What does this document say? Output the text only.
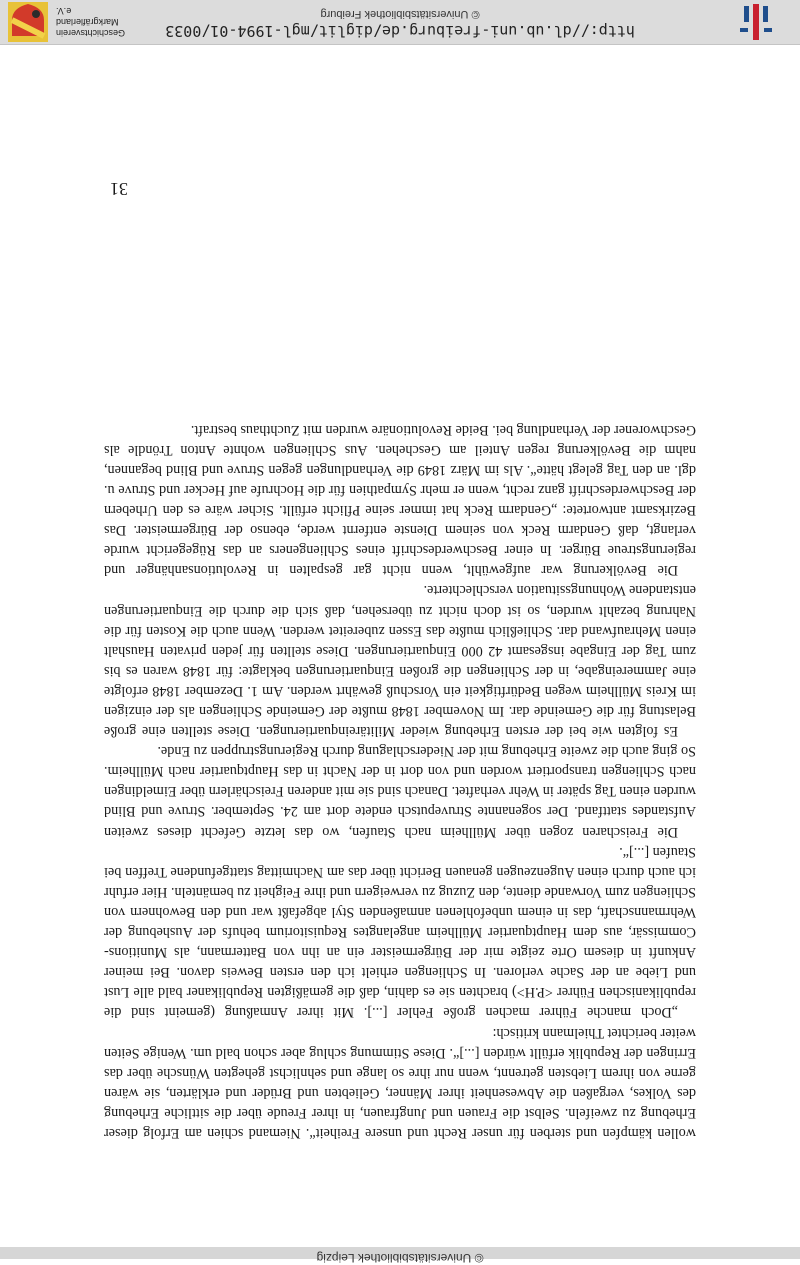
© Universitätsbibliothek Leipzig

wollen kämpfen und sterben für unser Recht und unsere Freiheit“. Niemand schien am Erfolg dieser Erhebung zu zweifeln. Selbst die Frauen und Jungfrauen, in ihrer Freude über die sittliche Erhebung des Volkes, vergaßen die Abwesenheit ihrer Männer, Geliebten und Brüder und erklärten, sie wären gerne von ihrem Liebsten getrennt, wenn nur ihre so lange und sehnlichst gehegten Wünsche über das Erringen der Republik erfüllt würden [...]“. Diese Stimmung schlug aber schon bald um. Wenige Seiten weiter berichtet Thielmann kritisch:

„Doch manche Führer machen große Fehler [...]. Mit ihrer Anmaßung (gemeint sind die republikanischen Führer <P.H>) brachten sie es dahin, daß die gemäßigten Republikaner bald alle Lust und Liebe an der Sache verloren. In Schliengen erhielt ich den ersten Beweis davon. Bei meiner Ankunft in diesem Orte zeigte mir der Bürgermeister ein an ihn von Battermann, als Munitions-Commissär, aus dem Hauptquartier Müllheim angelangtes Requisitorium behufs der Aushebung der Wehrmannschaft, das in einem unbefohlenen anmaßenden Styl abgefaßt war und den Bewohnern von Schliengen zum Vorwande diente, den Zuzug zu verweigern und ihre Feigheit zu bemänteln. Hier erfuhr ich auch durch einen Augenzeugen genauen Bericht über das am Nachmittag stattgefundene Treffen bei Staufen [...]“.

Die Freischaren zogen über Müllheim nach Staufen, wo das letzte Gefecht dieses zweiten Aufstandes stattfand. Der sogenannte Struveputsch endete dort am 24. September. Struve und Blind wurden einen Tag später in Wehr verhaftet. Danach sind sie mit anderen Freischärlern über Eimeldingen nach Schliengen transportiert worden und von dort in der Nacht in das Hauptquartier nach Müllheim. So ging auch die zweite Erhebung mit der Niederschlagung durch Regierungstruppen zu Ende.

Es folgten wie bei der ersten Erhebung wieder Militäreinquartierungen. Diese stellten eine große Belastung für die Gemeinde dar. Im November 1848 mußte der Gemeinde Schliengen als der einzigen im Kreis Müllheim wegen Bedürftigkeit ein Vorschuß gewährt werden. Am 1. Dezember 1848 erfolgte eine Jammereingabe, in der Schliengen die großen Einquartierungen beklagte: für 1848 waren es bis zum Tag der Eingabe insgesamt 42 000 Einquartierungen. Diese stellten für jeden privaten Haushalt einen Mehraufwand dar. Schließlich mußte das Essen zubereitet werden. Wenn auch die Kosten für die Nahrung bezahlt wurden, so ist doch nicht zu übersehen, daß sich die durch die Einquartierungen entstandene Wohnungssituation verschlechterte.

Die Bevölkerung war aufgewühlt, wenn nicht gar gespalten in Revolutionsanhänger und regierungstreue Bürger. In einer Beschwerdeschrift eines Schliengeners an das Rügegericht wurde verlangt, daß Gendarm Reck von seinem Dienste entfernt werde, ebenso der Bürgermeister. Das Bezirksamt antwortete: „Gendarm Reck hat immer seine Pflicht erfüllt. Sicher wäre es den Urhebern der Beschwerdeschrift ganz recht, wenn er mehr Sympathien für die Hochrufe auf Hecker und Struve u. dgl. an den Tag gelegt hätte“. Als im März 1849 die Verhandlungen gegen Struve und Blind begannen, nahm die Bevölkerung regen Anteil am Geschehen. Aus Schliengen wohnte Anton Tröndle als Geschworener der Verhandlung bei. Beide Revolutionäre wurden mit Zuchthaus bestraft.

31
http://dl.ub.uni-freiburg.de/diglit/mgl-1994-01/0033
© Universitätsbibliothek Freiburg
Geschichtsverein
Markgräflerland e.V.
